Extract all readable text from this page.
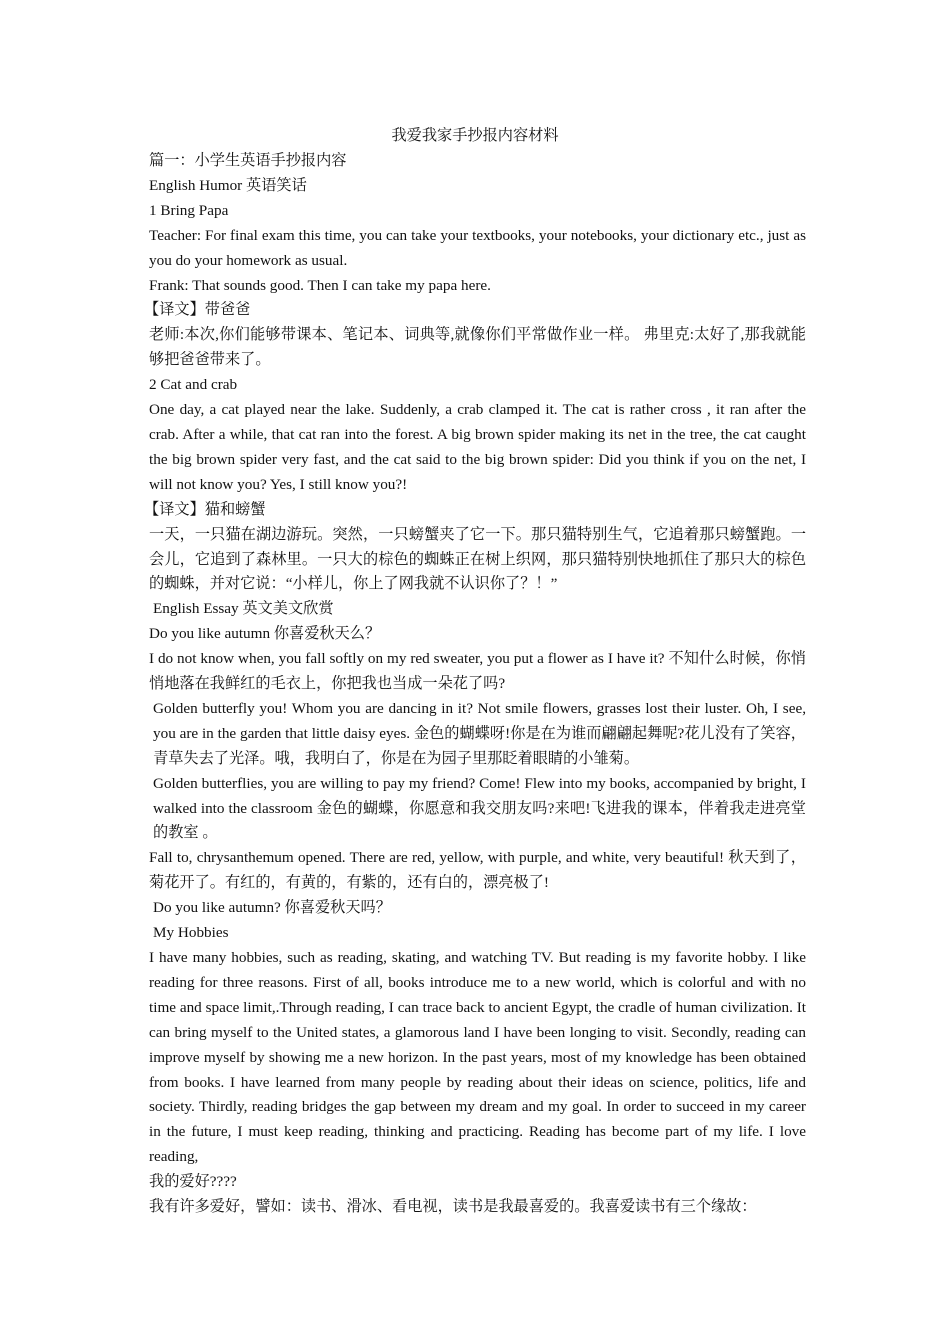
我爱我家手抄报内容材料

篇一：小学生英语手抄报内容

English Humor 英语笑话

1 Bring Papa

Teacher: For final exam this time, you can take your textbooks, your notebooks, your dictionary etc., just as you do your homework as usual.

Frank: That sounds good. Then I can take my papa here.

【译文】带爸爸

老师:本次,你们能够带课本、笔记本、词典等,就像你们平常做作业一样。 弗里克:太好了,那我就能够把爸爸带来了。

2 Cat and crab

One day, a cat played near the lake. Suddenly, a crab clamped it. The cat is rather cross , it ran after the crab. After a while, that cat ran into the forest. A big brown spider making its net in the tree, the cat caught the big brown spider very fast, and the cat said to the big brown spider: Did you think if you on the net, I will not know you? Yes, I still know you?!

【译文】猫和螃蟹

一天，一只猫在湖边游玩。突然，一只螃蟹夹了它一下。那只猫特别生气，它追着那只螃蟹跑。一会儿，它追到了森林里。一只大的棕色的蜘蛛正在树上织网，那只猫特别快地抓住了那只大的棕色的蜘蛛，并对它说：“小样儿，你上了网我就不认识你了？！”

English Essay 英文美文欣赏

Do you like autumn 你喜爱秋天么？

I do not know when, you fall softly on my red sweater, you put a flower as I have it? 不知什么时候，你悄悄地落在我鲜红的毛衣上，你把我也当成一朵花了吗?

Golden butterfly you! Whom you are dancing in it? Not smile flowers, grasses lost their luster. Oh, I see, you are in the garden that little daisy eyes. 金色的蝴蝶呀!你是在为谁而翩翩起舞呢?花儿没有了笑容，青草失去了光泽。哦，我明白了，你是在为园子里那眨着眼睛的小雏菊。

Golden butterflies, you are willing to pay my friend? Come! Flew into my books, accompanied by bright, I walked into the classroom 金色的蝴蝶，你愿意和我交朋友吗?来吧!飞进我的课本，伴着我走进亮堂的教室 。

Fall to, chrysanthemum opened. There are red, yellow, with purple, and white, very beautiful! 秋天到了，菊花开了。有红的，有黄的，有紫的，还有白的，漂亮极了!

Do you like autumn? 你喜爱秋天吗？

My Hobbies

I have many hobbies, such as reading, skating, and watching TV. But reading is my favorite hobby. I like reading for three reasons. First of all, books introduce me to a new world, which is colorful and with no time and space limit,.Through reading, I can trace back to ancient Egypt, the cradle of human civilization. It can bring myself to the United states, a glamorous land I have been longing to visit. Secondly, reading can improve myself by showing me a new horizon. In the past years, most of my knowledge has been obtained from books. I have learned from many people by reading about their ideas on science, politics, life and society. Thirdly, reading bridges the gap between my dream and my goal. In order to succeed in my career in the future, I must keep reading, thinking and practicing. Reading has become part of my life. I love reading,

我的爱好????

我有许多爱好，譬如：读书、滑冰、看电视，读书是我最喜爱的。我喜爱读书有三个缘故：
